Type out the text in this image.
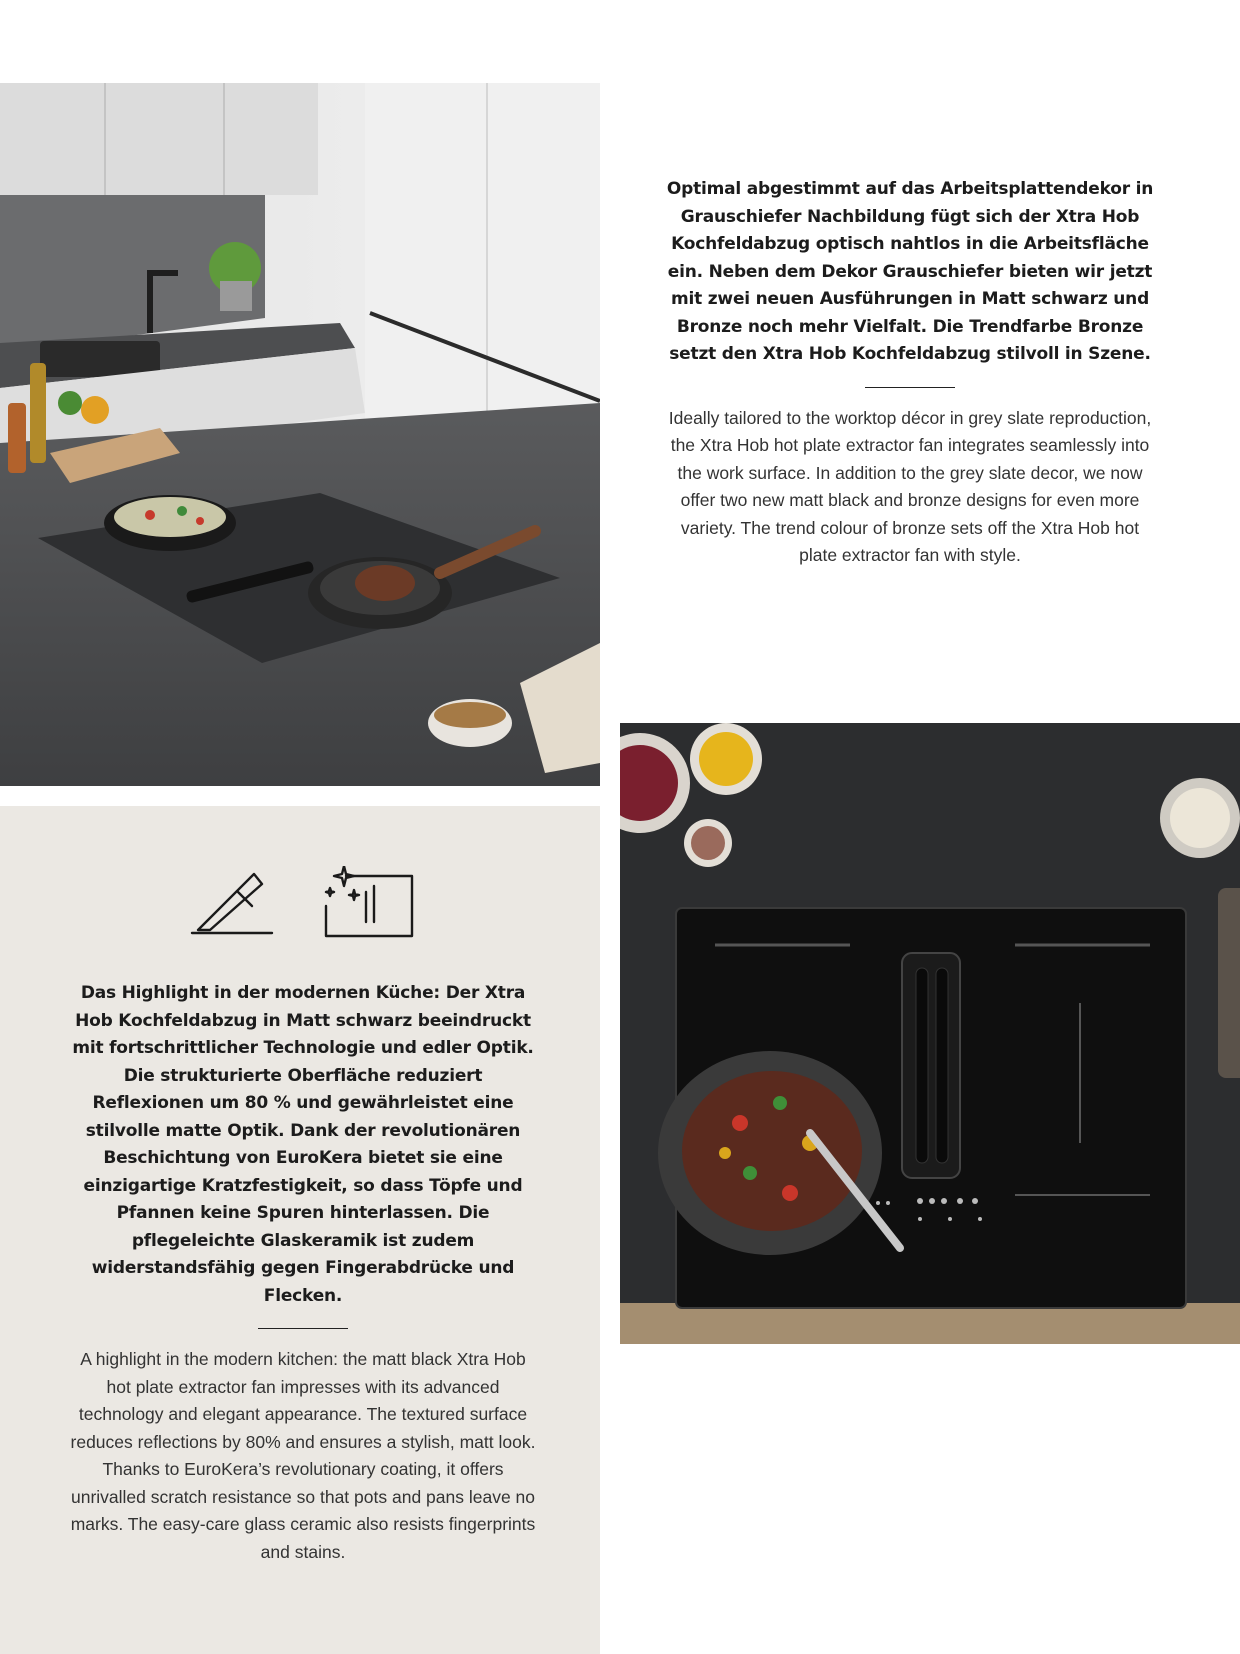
Optimal abgestimmt auf das Arbeitsplattendekor in Grauschiefer Nachbildung fügt sich der Xtra Hob Kochfeldabzug optisch nahtlos in die Arbeitsfläche ein. Neben dem Dekor Grauschiefer bieten wir jetzt mit zwei neuen Ausführungen in Matt schwarz und Bronze noch mehr Vielfalt. Die Trendfarbe Bronze setzt den Xtra Hob Kochfeldabzug stilvoll in Szene.

Ideally tailored to the worktop décor in grey slate reproduction, the Xtra Hob hot plate extractor fan integrates seamlessly into the work surface. In addition to the grey slate decor, we now offer two new matt black and bronze designs for even more variety. The trend colour of bronze sets off the Xtra Hob hot plate extractor fan with style.

Das Highlight in der modernen Küche: Der Xtra Hob Kochfeldabzug in Matt schwarz beeindruckt mit fortschrittlicher Technologie und edler Optik. Die strukturierte Oberfläche reduziert Reflexionen um 80 % und gewährleistet eine stilvolle matte Optik. Dank der revolutionären Beschichtung von EuroKera bietet sie eine einzigartige Kratzfestigkeit, so dass Töpfe und Pfannen keine Spuren hinterlassen. Die pflegeleichte Glaskeramik ist zudem widerstandsfähig gegen Fingerabdrücke und Flecken.

A highlight in the modern kitchen: the matt black Xtra Hob hot plate extractor fan impresses with its advanced technology and elegant appearance. The textured surface reduces reflections by 80% and ensures a stylish, matt look. Thanks to EuroKera’s revolutionary coating, it offers unrivalled scratch resistance so that pots and pans leave no marks. The easy-care glass ceramic also resists fingerprints and stains.
